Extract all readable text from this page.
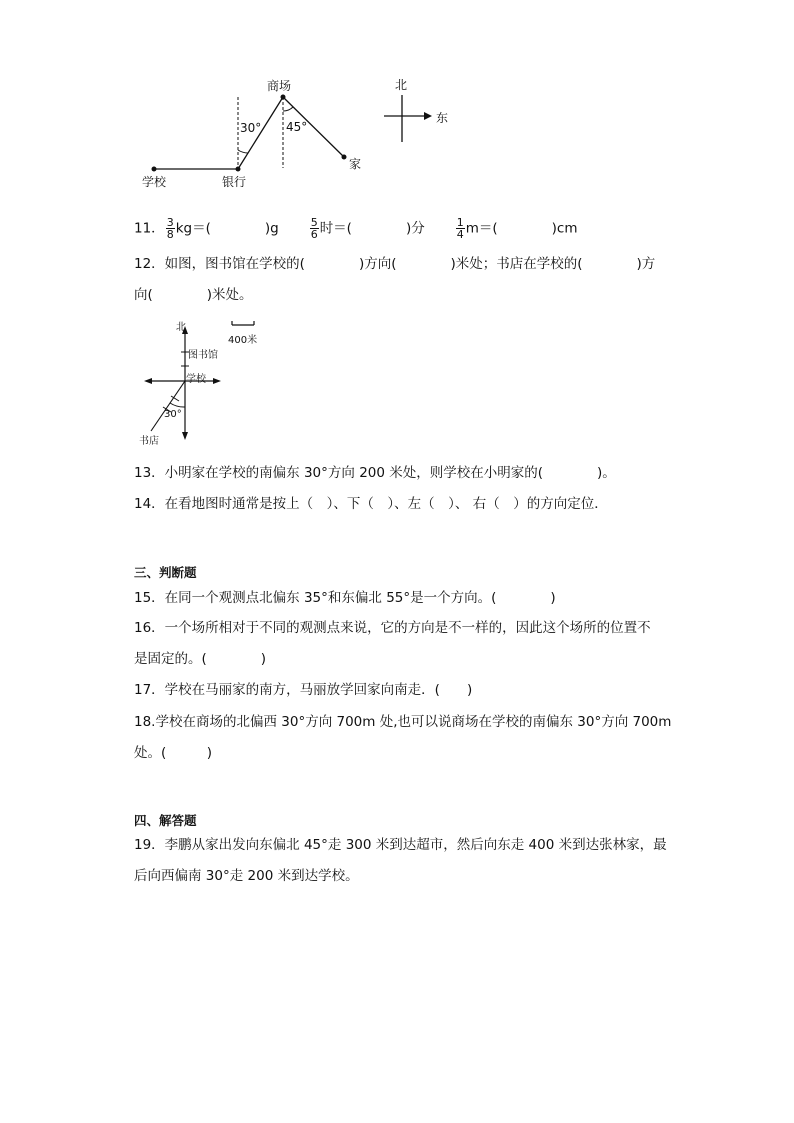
商场
学校	银行
家
30° 45°
北
东
11． $\frac{3}{8} kg=$(　　　　)g	$\frac{5}{6}$ 时＝(　　　　)分	$\frac{1}{4} m=$(　　　　)cm
12．如图，图书馆在学校的(　　　　)方向(　　　　)米处；书店在学校的(　　　　)方
向(　　　　)米处。
北
400米
图书馆
学校
30°
书店
13．小明家在学校的南偏东 30°方向 200 米处，则学校在小明家的(　　　　)。
14．在看地图时通常是按上（　）、下（　）、左（　）、 右（　）的方向定位．
三、判断题
15．在同一个观测点北偏东 35°和东偏北 55°是一个方向。(　　　　)
16．一个场所相对于不同的观测点来说，它的方向是不一样的，因此这个场所的位置不
是固定的。(　　　　)
17．学校在马丽家的南方，马丽放学回家向南走．(　　)
18.学校在商场的北偏西 30°方向 700m 处,也可以说商场在学校的南偏东 30°方向 700m
处。(　　　)
四、解答题
19．李鹏从家出发向东偏北 45°走 300 米到达超市，然后向东走 400 米到达张林家，最
后向西偏南 30°走 200 米到达学校。
